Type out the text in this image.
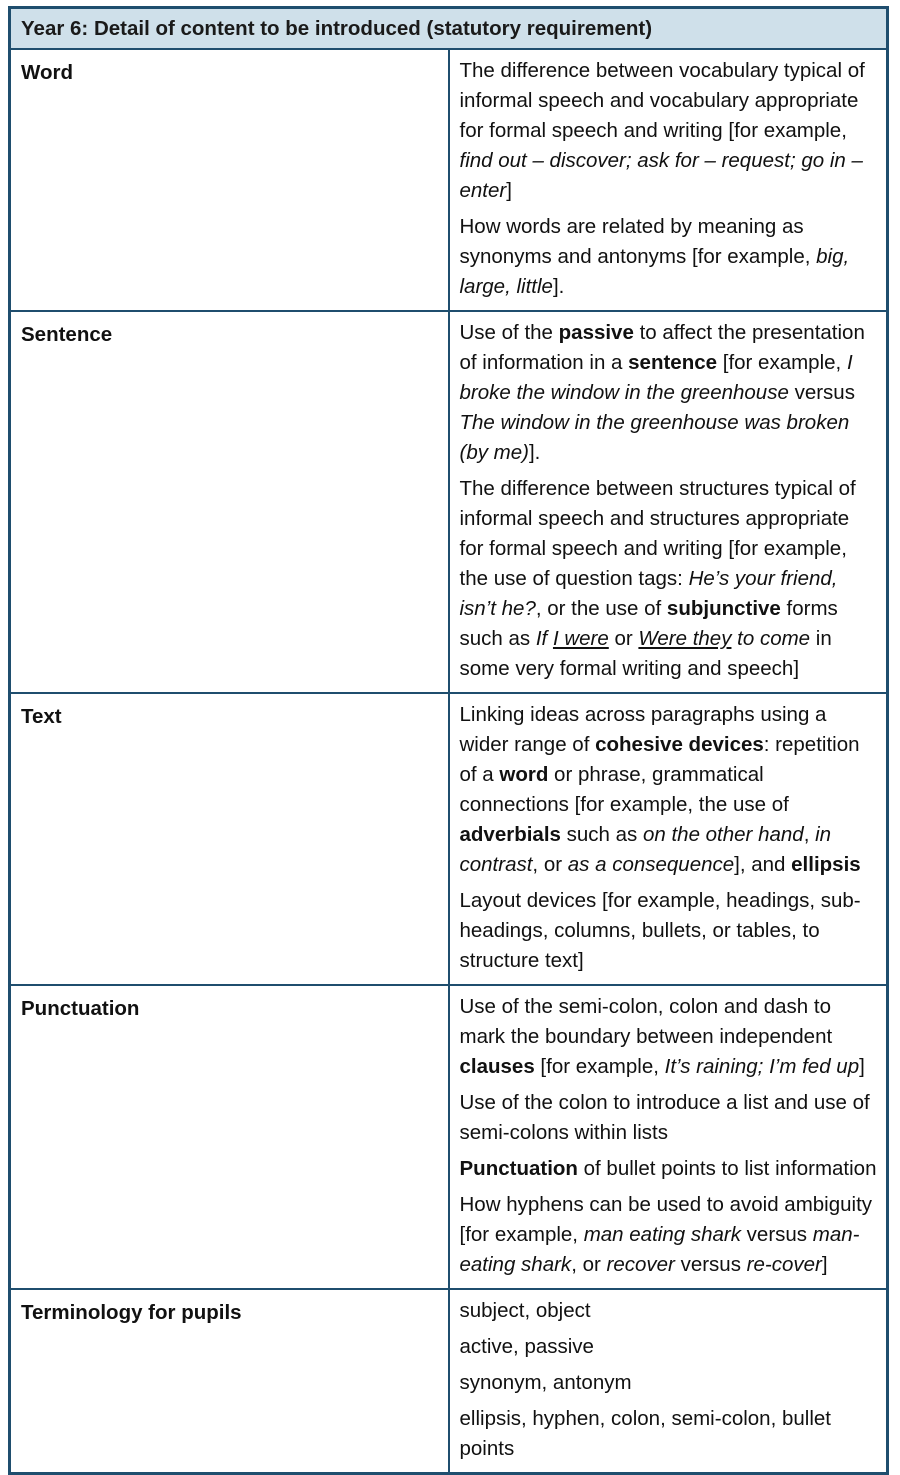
Year 6: Detail of content to be introduced (statutory requirement)	
Word	The difference between vocabulary typical of informal speech and vocabulary appropriate for formal speech and writing [for example, find out – discover; ask for – request; go in – enter]
How words are related by meaning as synonyms and antonyms [for example, big, large, little].

Sentence	Use of the passive to affect the presentation of information in a sentence [for example, I broke the window in the greenhouse versus The window in the greenhouse was broken (by me)].
The difference between structures typical of informal speech and structures appropriate for formal speech and writing [for example, the use of question tags: He’s your friend, isn’t he?, or the use of subjunctive forms such as If I were or Were they to come in some very formal writing and speech]

Text	Linking ideas across paragraphs using a wider range of cohesive devices: repetition of a word or phrase, grammatical connections [for example, the use of adverbials such as on the other hand, in contrast, or as a consequence], and ellipsis
Layout devices [for example, headings, sub-headings, columns, bullets, or tables, to structure text]

Punctuation	Use of the semi-colon, colon and dash to mark the boundary between independent clauses [for example, It’s raining; I’m fed up]
Use of the colon to introduce a list and use of semi-colons within lists
Punctuation of bullet points to list information
How hyphens can be used to avoid ambiguity [for example, man eating shark versus man-eating shark, or recover versus re-cover]

Terminology for pupils	subject, object
active, passive
synonym, antonym
ellipsis, hyphen, colon, semi-colon, bullet points
